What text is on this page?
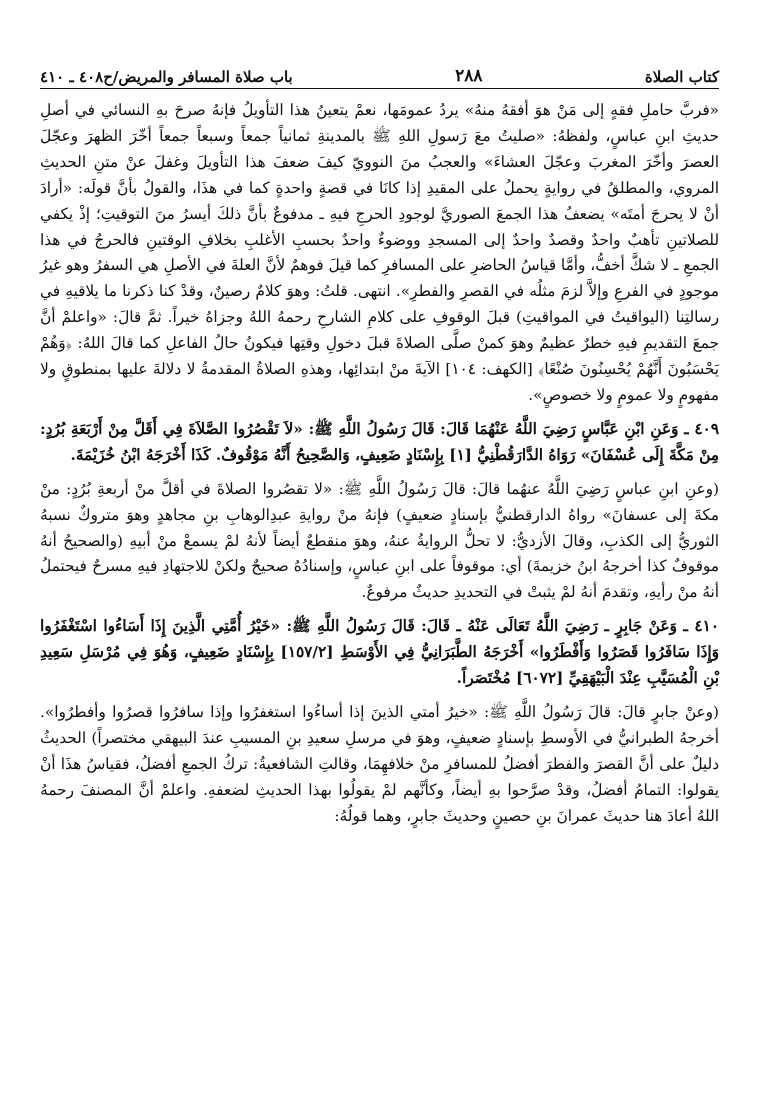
كتاب الصلاة
٢٨٨
باب صلاة المسافر والمريض/ح٤٠٨ ـ ٤١٠

«فربَّ حاملِ فقهٍ إلى مَنْ هوَ أفقهُ منهُ» يردُ عمومَها، نعمْ يتعينُ هذا التأويلُ فإنهُ صرحَ بهِ النسائي في أصلِ حديثِ ابنِ عباسٍ، ولفظهُ: «صليتُ معَ رَسولِ اللهِ ﷺ بالمدينةِ ثمانياً جمعاً وسبعاً جمعاً أخّرَ الظهرَ وعجّلَ العصرَ وأخّرَ المغربَ وعجّلَ العشاءَ» والعجبُ منَ النوويّ كيفَ ضعفَ هذا التأويلَ وغفلَ عنْ متنِ الحديثِ المروي، والمطلقُ في روايةٍ يحملُ على المقيدِ إذا كانَا في قصةٍ واحدةٍ كما في هذَا، والقولُ بأنَّ قولَه: «أرادَ أنْ لا يحرجَ أمتَه» يضعفُ هذا الجمعَ الصوريَّ لوجودِ الحرجِ فيهِ ـ مدفوعٌ بأنَّ ذلكَ أيسرُ منَ التوقيتِ؛ إذْ يكفي للصلاتينِ تأهبٌ واحدٌ وقصدٌ واحدٌ إلى المسجدِ ووضوءٌ واحدٌ بحسبِ الأغلبِ بخلافِ الوقتينِ فالحرجُ في هذا الجمعِ ـ لا شكَّ أخفُّ، وأمَّا قياسُ الحاضرِ على المسافرِ كما قيلَ فوهمٌ لأنَّ العلةَ في الأصلِ هي السفرُ وهو غيرُ موجودٍ في الفرعِ وإلاَّ لزمَ مثلُه في القصرِ والفطرِ». انتهى. قلتُ: وهوَ كلامٌ رصينٌ، وقدْ كنا ذكرنا ما يلاقيهِ في رسالتِنا (اليواقيتُ في المواقيتِ) قبلَ الوقوفِ على كلامِ الشارحِ رحمهُ اللهُ وجزاهُ خيراً. ثمَّ قالَ: «واعلمْ أنَّ جمعَ التقديمِ فيهِ خطرٌ عظيمٌ وهوَ كمنْ صلَّى الصلاةَ قبلَ دخولِ وقتِها فيكونُ حالُ الفاعلِ كما قالَ اللهُ: ﴿وَهُمْ يَحْسَبُونَ أَنَّهُمْ يُحْسِنُونَ صُنْعًا﴾ [الكهف: ١٠٤] الآيةَ منْ ابتدائِها، وهذهِ الصلاةُ المقدمةُ لا دلالةَ عليها بمنطوقٍ ولا مفهومٍ ولا عمومٍ ولا خصوصٍ».

٤٠٩ ـ وَعَنِ ابْنِ عَبَّاسٍ رَضِيَ اللَّهُ عَنْهُمَا قَالَ: قَالَ رَسُولُ اللَّهِ ﷺ: «لاَ تَقْصُرُوا الصَّلاَةَ فِي أَقَلَّ مِنْ أَرْبَعَةِ بُرُدٍ: مِنْ مَكَّةَ إِلَى عُسْفَانَ» رَوَاهُ الدَّارَقُطْنِيُّ [١] بِإِسْنَادٍ ضَعِيفٍ، وَالصَّحِيحُ أَنَّهُ مَوْقُوفٌ. كَذَا أَخْرَجَهُ ابْنُ خُزَيْمَةَ.

(وعنِ ابنِ عباسٍ رَضِيَ اللَّهُ عنهُما قالَ: قالَ رَسُولُ اللَّهِ ﷺ: «لا تقصُروا الصلاةَ في أقلَّ منْ أربعةِ بُرُدٍ: منْ مكةَ إلى عسفانَ» رواهُ الدارقطنيُّ بإسنادٍ ضعيفٍ) فإنهُ منْ روايةِ عبدِالوهابِ بنِ مجاهدٍ وهوَ متروكٌ نسبهُ الثوريُّ إلى الكذبِ، وقالَ الأزديُّ: لا تحلُّ الروايةُ عنهُ، وهوَ منقطعٌ أيضاً لأنهُ لمْ يسمعْ منْ أبيهِ (والصحيحُ أنهُ موقوفٌ كذا أخرجهُ ابنُ خزيمةَ) أي: موقوفاً على ابنِ عباسٍ، وإسنادُهُ صحيحٌ ولكنْ للاجتهادِ فيهِ مسرحٌ فيحتملُ أنهُ منْ رأيهِ، وتقدمَ أنهُ لمْ يثبتْ في التحديدِ حديثٌ مرفوعٌ.

٤١٠ ـ وَعَنْ جَابِرٍ ـ رَضِيَ اللَّهُ تَعَالَى عَنْهُ ـ قَالَ: قَالَ رَسُولُ اللَّهِ ﷺ: «خَيْرُ أُمَّتِي الَّذِينَ إِذَا أَسَاءُوا اسْتَغْفَرُوا وَإِذَا سَافَرُوا قَصَرُوا وَأَفْطَرُوا» أَخْرَجَهُ الطَّبَرَانِيُّ فِي الأَوْسَطِ [١٥٧/٢] بِإِسْنَادٍ ضَعِيفٍ، وَهُوَ فِي مُرْسَلِ سَعِيدِ بْنِ الْمُسَيَّبِ عِنْدَ الْبَيْهَقِيِّ [٦٠٧٢] مُخْتَصَراً.

(وعنْ جابرٍ قالَ: قالَ رَسُولُ اللَّهِ ﷺ: «خيرُ أمتي الذينَ إذا أساءُوا استغفرُوا وإذا سافرُوا قصرُوا وأفطرُوا». أخرجهُ الطبرانيُّ في الأوسطِ بإسنادٍ ضعيفٍ، وهوَ في مرسلِ سعيدِ بنِ المسيبِ عندَ البيهقي مختصراً) الحديثُ دليلٌ على أنَّ القصرَ والفطرَ أفضلُ للمسافرِ منْ خلافهِمَا، وقالتِ الشافعيةُ: تركُ الجمعِ أفضلُ، فقياسُ هذَا أنْ يقولوا: التمامُ أفضلُ، وقدْ صرَّحوا بهِ أيضاً، وكأنَّهم لمْ يقولُوا بهذا الحديثِ لضعفهِ. واعلمْ أنَّ المصنفَ رحمهُ اللهُ أعادَ هنا حديثَ عمرانَ بنِ حصينٍ وحديثَ جابرٍ، وهما قولُهُ:
